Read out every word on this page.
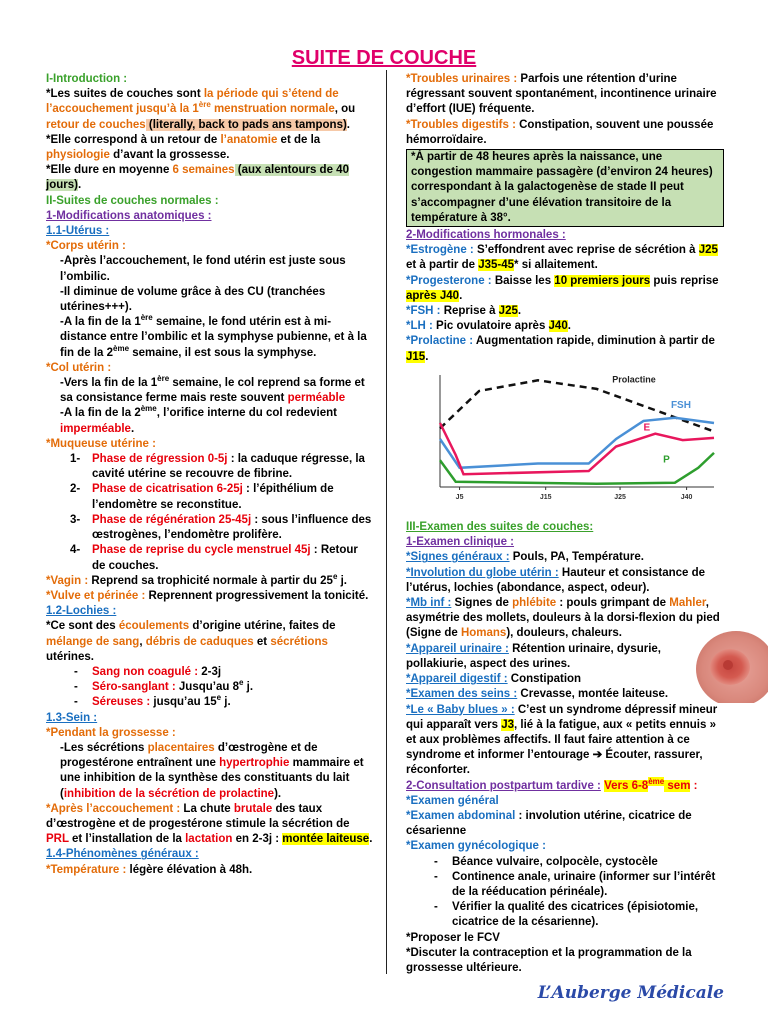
SUITE DE COUCHE

I-Introduction :

*Les suites de couches sont la période qui s’étend de l’accouchement jusqu’à la 1ère menstruation normale, ou retour de couches (literally, back to pads ans tampons).

*Elle correspond à un retour de l’anatomie et de la physiologie d’avant la grossesse.

*Elle dure en moyenne 6 semaines (aux alentours de 40 jours).

II-Suites de couches normales :

1-Modifications anatomiques :

1.1-Utérus :

*Corps utérin :

-Après l’accouchement, le fond utérin est juste sous l’ombilic.

-Il diminue de volume grâce à des CU (tranchées utérines+++).

-A la fin de la 1ère semaine, le fond utérin est à mi-distance entre l’ombilic et la symphyse pubienne, et à la fin de la 2ème semaine, il est sous la symphyse.

*Col utérin :

-Vers la fin de la 1ère semaine, le col reprend sa forme et sa consistance ferme mais reste souvent perméable

-A la fin de la 2ème, l’orifice interne du col redevient imperméable.

*Muqueuse utérine :

1- Phase de régression 0-5j : la caduque régresse, la cavité utérine se recouvre de fibrine.
2- Phase de cicatrisation 6-25j : l’épithélium de l’endomètre se reconstitue.
3- Phase de régénération 25-45j : sous l’influence des œstrogènes, l’endomètre prolifère.
4- Phase de reprise du cycle menstruel 45j : Retour de couches.

*Vagin : Reprend sa trophicité normale à partir du 25e j.

*Vulve et périnée : Reprennent progressivement la tonicité.

1.2-Lochies :

*Ce sont des écoulements d’origine utérine, faites de mélange de sang, débris de caduques et sécrétions utérines.

- Sang non coagulé : 2-3j
- Séro-sanglant : Jusqu’au 8e j.
- Séreuses : jusqu’au 15e j.

1.3-Sein :

*Pendant la grossesse :

-Les sécrétions placentaires d’œstrogène et de progestérone entraînent une hypertrophie mammaire et une inhibition de la synthèse des constituants du lait (inhibition de la sécrétion de prolactine).

*Après l’accouchement : La chute brutale des taux d’œstrogène et de progestérone stimule la sécrétion de PRL et l’installation de la lactation en 2-3j : montée laiteuse.

1.4-Phénomènes généraux :

*Température : légère élévation à 48h.

*Troubles urinaires : Parfois une rétention d’urine régressant souvent spontanément, incontinence urinaire d’effort (IUE) fréquente.

*Troubles digestifs : Constipation, souvent une poussée hémorroïdaire.

*À partir de 48 heures après la naissance, une congestion mammaire passagère (d’environ 24 heures) correspondant à la galactogenèse de stade II peut s’accompagner d’une élévation transitoire de la température à 38°.

2-Modifications hormonales :

*Estrogène : S’effondrent avec reprise de sécrétion à J25 et à partir de J35-45* si allaitement.

*Progesterone : Baisse les 10 premiers jours puis reprise après J40.

*FSH : Reprise à J25.

*LH : Pic ovulatoire après J40.

*Prolactine : Augmentation rapide, diminution à partir de J15.

Prolactine
FSH
E
P
J5	J15	J25	J40

III-Examen des suites de couches:

1-Examen clinique :

*Signes généraux : Pouls, PA, Température.

*Involution du globe utérin : Hauteur et consistance de l’utérus, lochies (abondance, aspect, odeur).

*Mb inf : Signes de phlébite : pouls grimpant de Mahler, asymétrie des mollets, douleurs à la dorsi-flexion du pied (Signe de Homans), douleurs, chaleurs.

*Appareil urinaire : Rétention urinaire, dysurie, pollakiurie, aspect des urines.

*Appareil digestif : Constipation

*Examen des seins : Crevasse, montée laiteuse.

*Le « Baby blues » : C’est un syndrome dépressif mineur qui apparaît vers J3, lié à la fatigue, aux « petits ennuis » et aux problèmes affectifs. Il faut faire attention à ce syndrome et informer l’entourage ➔ Écouter, rassurer, réconforter.

2-Consultation postpartum tardive : Vers 6-8ème sem :

*Examen général

*Examen abdominal : involution utérine, cicatrice de césarienne

*Examen gynécologique :

- Béance vulvaire, colpocèle, cystocèle
- Continence anale, urinaire (informer sur l’intérêt de la rééducation périnéale).
- Vérifier la qualité des cicatrices (épisiotomie, cicatrice de la césarienne).

*Proposer le FCV

*Discuter la contraception et la programmation de la grossesse ultérieure.

L’Auberge Médicale
